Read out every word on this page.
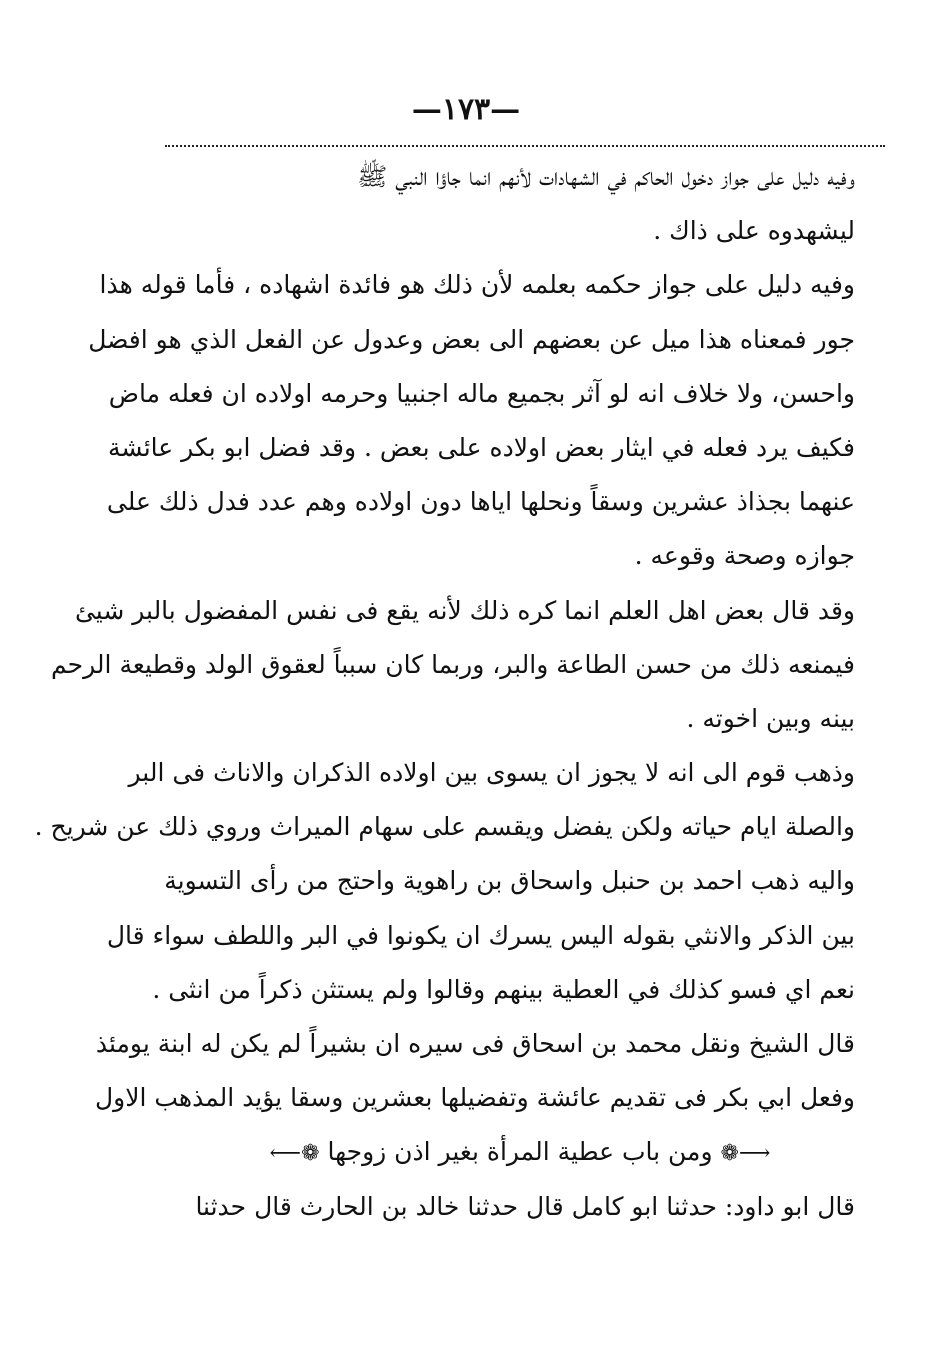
—١٧٣—
وفيه دليل على جواز دخول الحاكم في الشهادات لأنهم انما جاؤا النبي ﷺ
ليشهدوه على ذاك .
وفيه دليل على جواز حكمه بعلمه لأن ذلك هو فائدة اشهاده ، فأما قوله هذا
جور فمعناه هذا ميل عن بعضهم الى بعض وعدول عن الفعل الذي هو افضل
واحسن، ولا خلاف انه لو آثر بجميع ماله اجنبيا وحرمه اولاده ان فعله ماض
فكيف يرد فعله في ايثار بعض اولاده على بعض . وقد فضل ابو بكر عائشة
عنهما بجذاذ عشرين وسقاً ونحلها اياها دون اولاده وهم عدد فدل ذلك على
جوازه وصحة وقوعه .
وقد قال بعض اهل العلم انما كره ذلك لأنه يقع فى نفس المفضول بالبر شيئ
فيمنعه ذلك من حسن الطاعة والبر، وربما كان سبباً لعقوق الولد وقطيعة الرحم
بينه وبين اخوته .
وذهب قوم الى انه لا يجوز ان يسوى بين اولاده الذكران والاناث فى البر
والصلة ايام حياته ولكن يفضل ويقسم على سهام الميراث وروي ذلك عن شريح .
واليه ذهب احمد بن حنبل واسحاق بن راهوية واحتج من رأى التسوية
بين الذكر والانثي بقوله اليس يسرك ان يكونوا في البر واللطف سواء قال
نعم اي فسو كذلك في العطية بينهم وقالوا ولم يستثن ذكراً من انثى .
قال الشيخ ونقل محمد بن اسحاق فى سيره ان بشيراً لم يكن له ابنة يومئذ
وفعل ابي بكر فى تقديم عائشة وتفضيلها بعشرين وسقا يؤيد المذهب الاول
⟶❁ ومن باب عطية المرأة بغير اذن زوجها ❁⟵
قال ابو داود: حدثنا ابو كامل قال حدثنا خالد بن الحارث قال حدثنا
